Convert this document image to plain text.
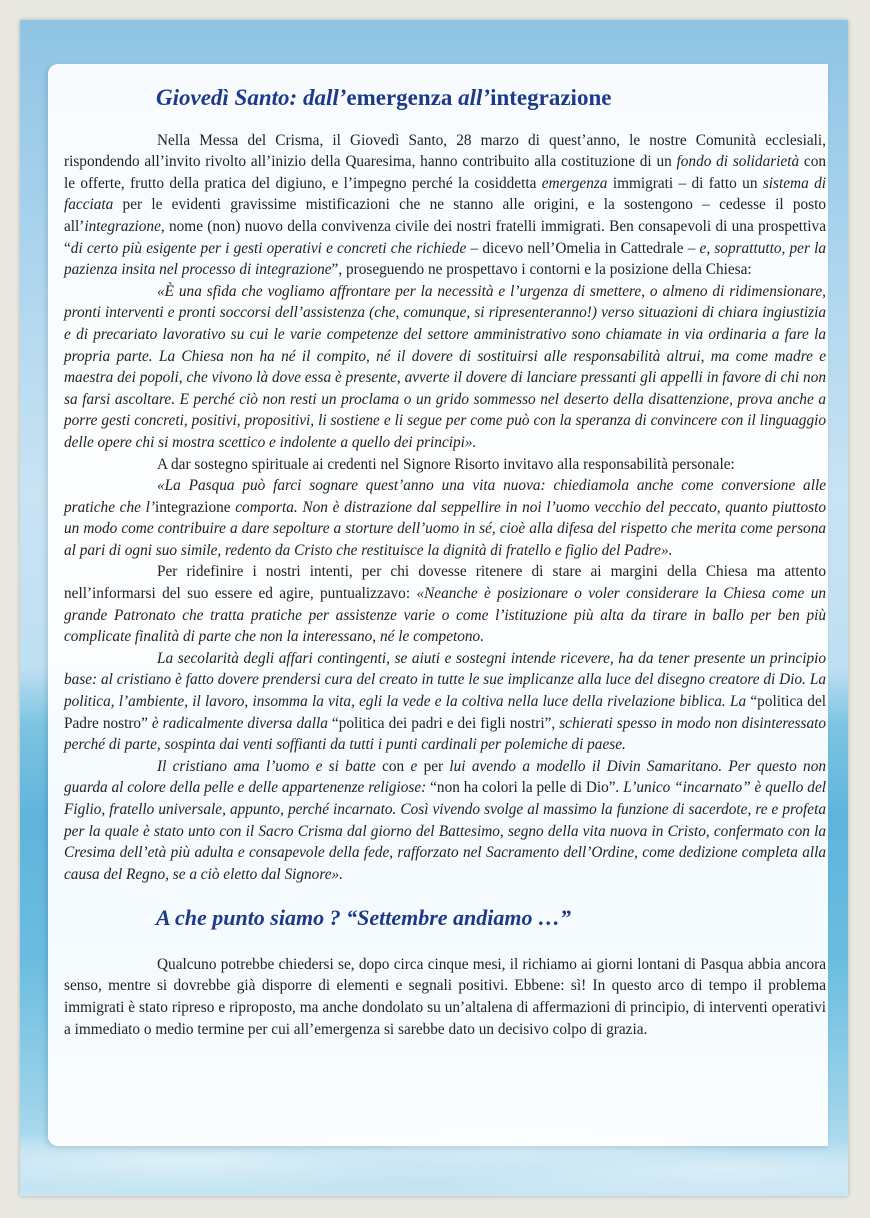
Giovedì Santo: dall’emergenza all’integrazione

Nella Messa del Crisma, il Giovedì Santo, 28 marzo di quest’anno, le nostre Comunità ecclesiali, rispondendo all’invito rivolto all’inizio della Quaresima, hanno contribuito alla costituzione di un fondo di solidarietà con le offerte, frutto della pratica del digiuno, e l’impegno perché la cosiddetta emergenza immigrati – di fatto un sistema di facciata per le evidenti gravissime mistificazioni che ne stanno alle origini, e la sostengono – cedesse il posto all’integrazione, nome (non) nuovo della convivenza civile dei nostri fratelli immigrati. Ben consapevoli di una prospettiva “di certo più esigente per i gesti operativi e concreti che richiede – dicevo nell’Omelia in Cattedrale – e, soprattutto, per la pazienza insita nel processo di integrazione”, proseguendo ne prospettavo i contorni e la posizione della Chiesa:

«È una sfida che vogliamo affrontare per la necessità e l’urgenza di smettere, o almeno di ridimensionare, pronti interventi e pronti soccorsi dell’assistenza (che, comunque, si ripresenteranno!) verso situazioni di chiara ingiustizia e di precariato lavorativo su cui le varie competenze del settore amministrativo sono chiamate in via ordinaria a fare la propria parte. La Chiesa non ha né il compito, né il dovere di sostituirsi alle responsabilità altrui, ma come madre e maestra dei popoli, che vivono là dove essa è presente, avverte il dovere di lanciare pressanti gli appelli in favore di chi non sa farsi ascoltare. E perché ciò non resti un proclama o un grido sommesso nel deserto della disattenzione, prova anche a porre gesti concreti, positivi, propositivi, li sostiene e li segue per come può con la speranza di convincere con il linguaggio delle opere chi si mostra scettico e indolente a quello dei principi».

A dar sostegno spirituale ai credenti nel Signore Risorto invitavo alla responsabilità personale:

«La Pasqua può farci sognare quest’anno una vita nuova: chiediamola anche come conversione alle pratiche che l’integrazione comporta. Non è distrazione dal seppellire in noi l’uomo vecchio del peccato, quanto piuttosto un modo come contribuire a dare sepolture a storture dell’uomo in sé, cioè alla difesa del rispetto che merita come persona al pari di ogni suo simile, redento da Cristo che restituisce la dignità di fratello e figlio del Padre».

Per ridefinire i nostri intenti, per chi dovesse ritenere di stare ai margini della Chiesa ma attento nell’informarsi del suo essere ed agire, puntualizzavo: «Neanche è posizionare o voler considerare la Chiesa come un grande Patronato che tratta pratiche per assistenze varie o come l’istituzione più alta da tirare in ballo per ben più complicate finalità di parte che non la interessano, né le competono.

La secolarità degli affari contingenti, se aiuti e sostegni intende ricevere, ha da tener presente un principio base: al cristiano è fatto dovere prendersi cura del creato in tutte le sue implicanze alla luce del disegno creatore di Dio. La politica, l’ambiente, il lavoro, insomma la vita, egli la vede e la coltiva nella luce della rivelazione biblica. La “politica del Padre nostro” è radicalmente diversa dalla “politica dei padri e dei figli nostri”, schierati spesso in modo non disinteressato perché di parte, sospinta dai venti soffianti da tutti i punti cardinali per polemiche di paese.

Il cristiano ama l’uomo e si batte con e per lui avendo a modello il Divin Samaritano. Per questo non guarda al colore della pelle e delle appartenenze religiose: “non ha colori la pelle di Dio”. L’unico “incarnato” è quello del Figlio, fratello universale, appunto, perché incarnato. Così vivendo svolge al massimo la funzione di sacerdote, re e profeta per la quale è stato unto con il Sacro Crisma dal giorno del Battesimo, segno della vita nuova in Cristo, confermato con la Cresima dell’età più adulta e consapevole della fede, rafforzato nel Sacramento dell’Ordine, come dedizione completa alla causa del Regno, se a ciò eletto dal Signore».

A che punto siamo ? “Settembre andiamo …”

Qualcuno potrebbe chiedersi se, dopo circa cinque mesi, il richiamo ai giorni lontani di Pasqua abbia ancora senso, mentre si dovrebbe già disporre di elementi e segnali positivi. Ebbene: sì! In questo arco di tempo il problema immigrati è stato ripreso e riproposto, ma anche dondolato su un’altalena di affermazioni di principio, di interventi operativi a immediato o medio termine per cui all’emergenza si sarebbe dato un decisivo colpo di grazia.
